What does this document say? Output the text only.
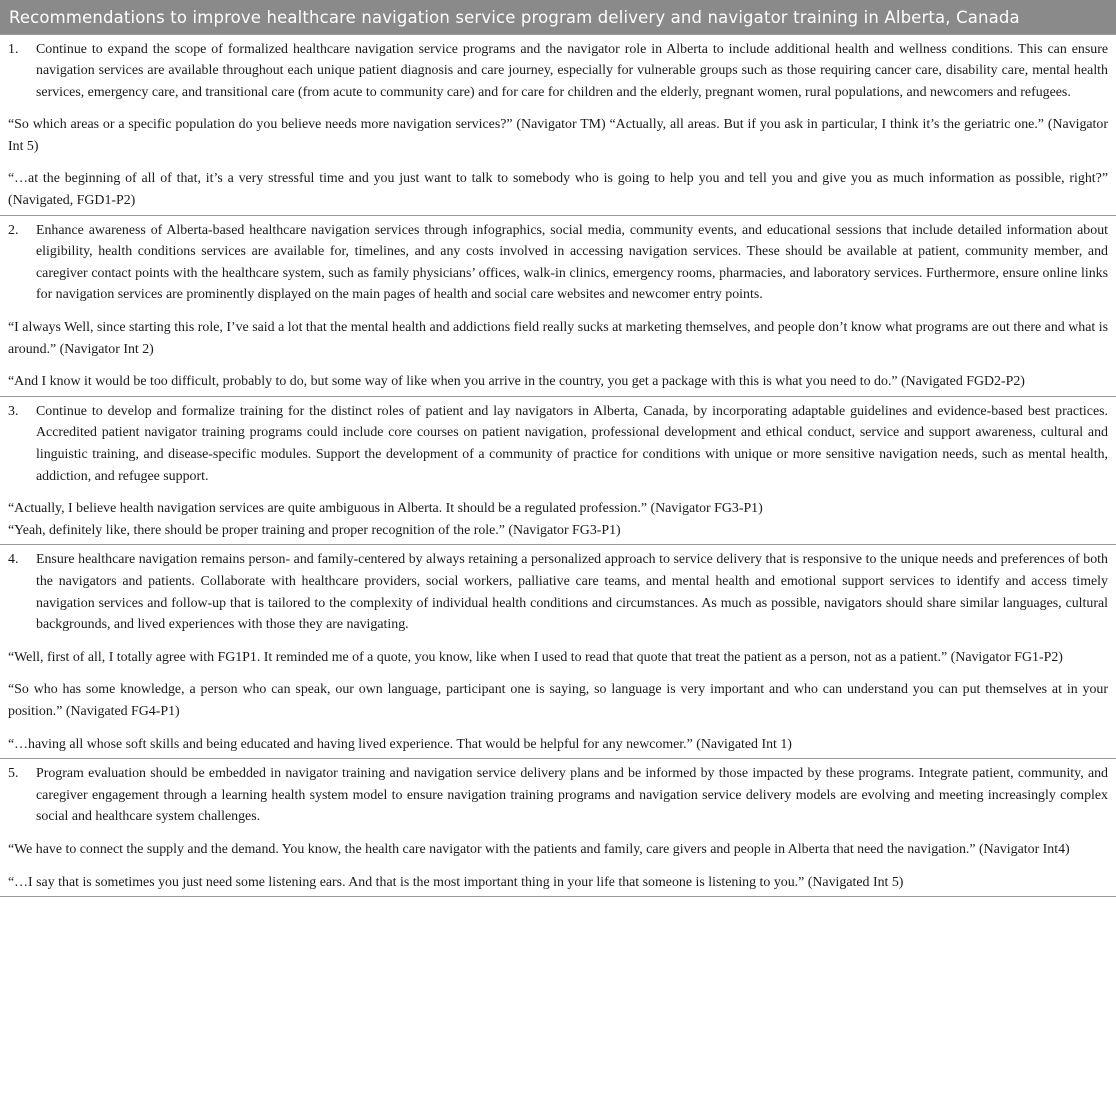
Recommendations to improve healthcare navigation service program delivery and navigator training in Alberta, Canada
1.	Continue to expand the scope of formalized healthcare navigation service programs and the navigator role in Alberta to include additional health and wellness conditions. This can ensure navigation services are available throughout each unique patient diagnosis and care journey, especially for vulnerable groups such as those requiring cancer care, disability care, mental health services, emergency care, and transitional care (from acute to community care) and for care for children and the elderly, pregnant women, rural populations, and newcomers and refugees.

“So which areas or a specific population do you believe needs more navigation services?” (Navigator TM) “Actually, all areas. But if you ask in particular, I think it’s the geriatric one.” (Navigator Int 5)

“…at the beginning of all of that, it’s a very stressful time and you just want to talk to somebody who is going to help you and tell you and give you as much information as possible, right?” (Navigated, FGD1-P2)

2.	Enhance awareness of Alberta-based healthcare navigation services through infographics, social media, community events, and educational sessions that include detailed information about eligibility, health conditions services are available for, timelines, and any costs involved in accessing navigation services. These should be available at patient, community member, and caregiver contact points with the healthcare system, such as family physicians’ offices, walk-in clinics, emergency rooms, pharmacies, and laboratory services. Furthermore, ensure online links for navigation services are prominently displayed on the main pages of health and social care websites and newcomer entry points.

“I always Well, since starting this role, I’ve said a lot that the mental health and addictions field really sucks at marketing themselves, and people don’t know what programs are out there and what is around.” (Navigator Int 2)

“And I know it would be too difficult, probably to do, but some way of like when you arrive in the country, you get a package with this is what you need to do.” (Navigated FGD2-P2)

3.	Continue to develop and formalize training for the distinct roles of patient and lay navigators in Alberta, Canada, by incorporating adaptable guidelines and evidence-based best practices. Accredited patient navigator training programs could include core courses on patient navigation, professional development and ethical conduct, service and support awareness, cultural and linguistic training, and disease-specific modules. Support the development of a community of practice for conditions with unique or more sensitive navigation needs, such as mental health, addiction, and refugee support.

“Actually, I believe health navigation services are quite ambiguous in Alberta. It should be a regulated profession.” (Navigator FG3-P1)

“Yeah, definitely like, there should be proper training and proper recognition of the role.” (Navigator FG3-P1)

4.	Ensure healthcare navigation remains person- and family-centered by always retaining a personalized approach to service delivery that is responsive to the unique needs and preferences of both the navigators and patients. Collaborate with healthcare providers, social workers, palliative care teams, and mental health and emotional support services to identify and access timely navigation services and follow-up that is tailored to the complexity of individual health conditions and circumstances. As much as possible, navigators should share similar languages, cultural backgrounds, and lived experiences with those they are navigating.

“Well, first of all, I totally agree with FG1P1. It reminded me of a quote, you know, like when I used to read that quote that treat the patient as a person, not as a patient.” (Navigator FG1-P2)

“So who has some knowledge, a person who can speak, our own language, participant one is saying, so language is very important and who can understand you can put themselves at in your position.” (Navigated FG4-P1)

“…having all whose soft skills and being educated and having lived experience. That would be helpful for any newcomer.” (Navigated Int 1)

5.	Program evaluation should be embedded in navigator training and navigation service delivery plans and be informed by those impacted by these programs. Integrate patient, community, and caregiver engagement through a learning health system model to ensure navigation training programs and navigation service delivery models are evolving and meeting increasingly complex social and healthcare system challenges.

“We have to connect the supply and the demand. You know, the health care navigator with the patients and family, care givers and people in Alberta that need the navigation.” (Navigator Int4)

“…I say that is sometimes you just need some listening ears. And that is the most important thing in your life that someone is listening to you.” (Navigated Int 5)
